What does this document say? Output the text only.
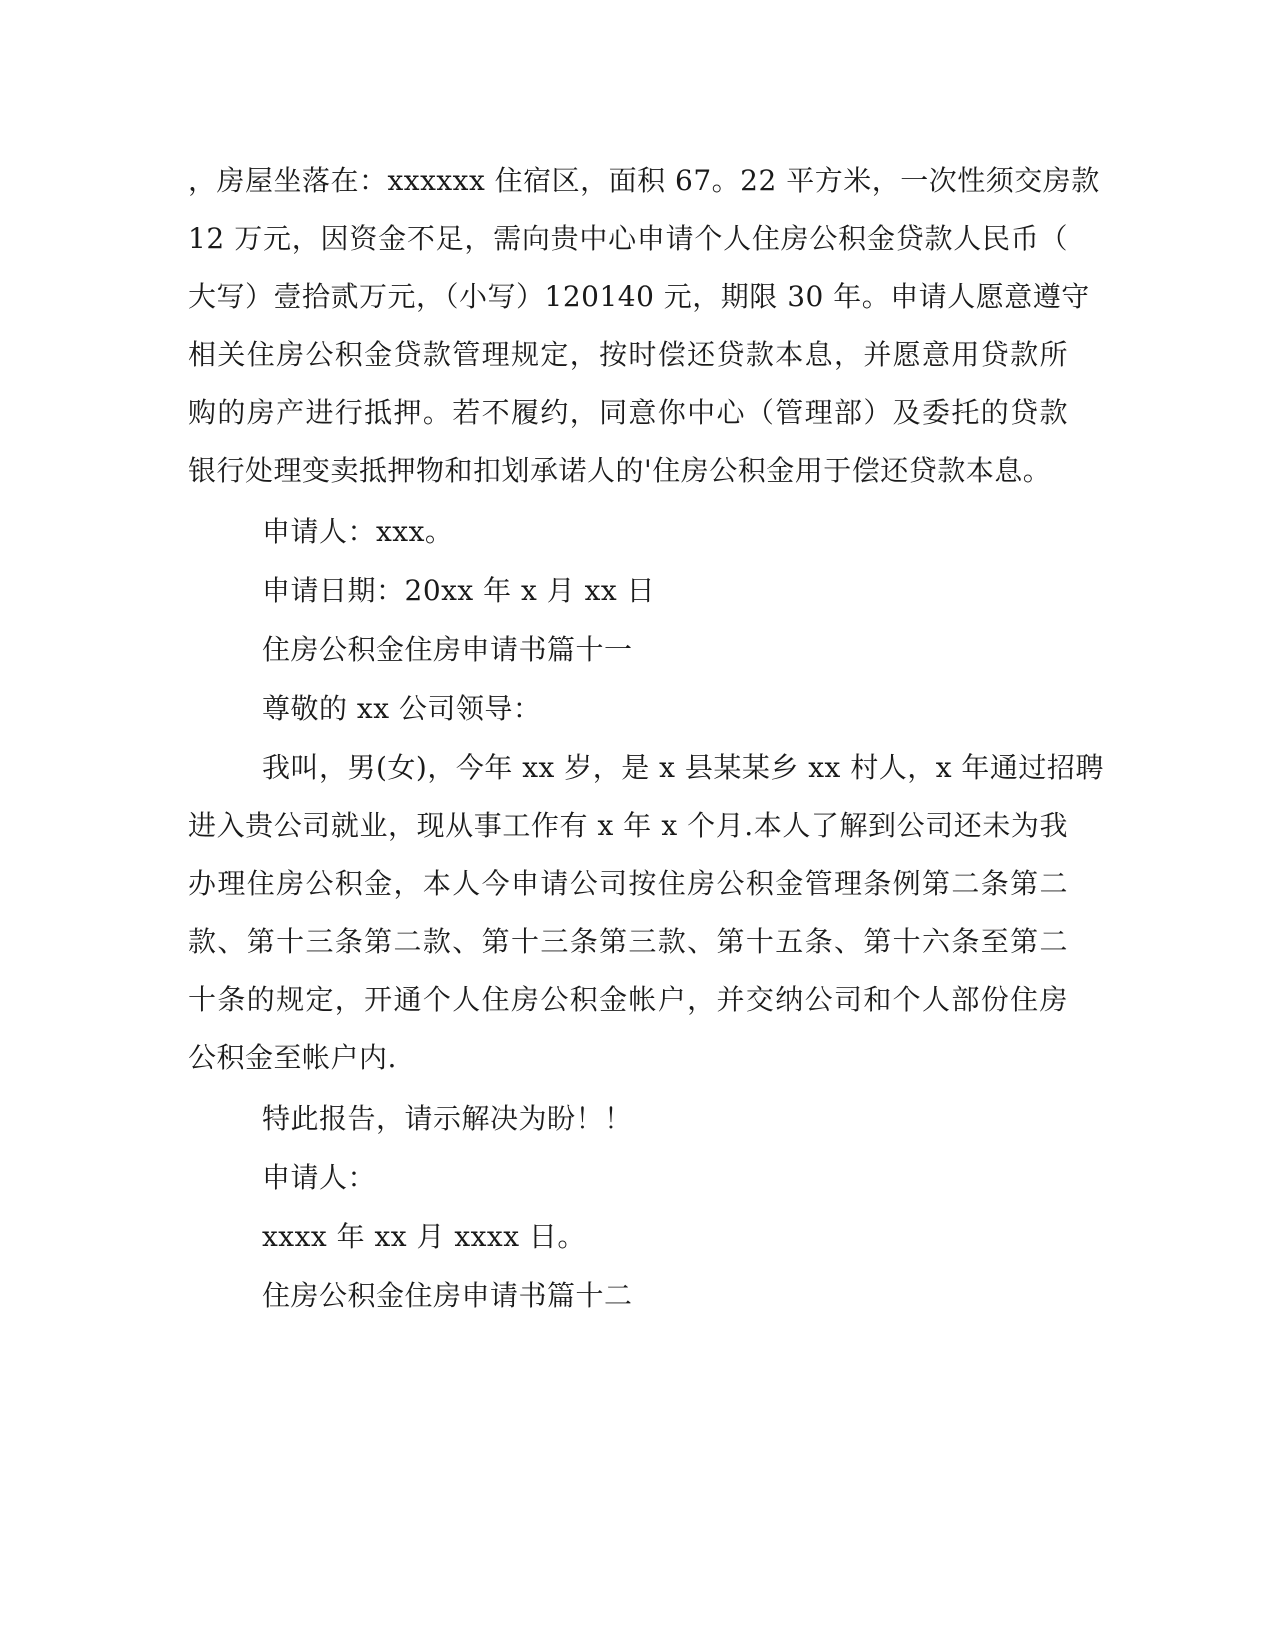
，房屋坐落在：xxxxxx 住宿区，面积 67。22 平方米，一次性须交房款

12 万元，因资金不足，需向贵中心申请个人住房公积金贷款人民币（

大写）壹拾贰万元，（小写）120140 元，期限 30 年。申请人愿意遵守

相关住房公积金贷款管理规定，按时偿还贷款本息，并愿意用贷款所

购的房产进行抵押。若不履约，同意你中心（管理部）及委托的贷款

银行处理变卖抵押物和扣划承诺人的'住房公积金用于偿还贷款本息。

申请人：xxx。

申请日期：20xx 年 x 月 xx 日

住房公积金住房申请书篇十一

尊敬的 xx 公司领导：

我叫，男(女)，今年 xx 岁，是 x 县某某乡 xx 村人，x 年通过招聘

进入贵公司就业，现从事工作有 x 年 x 个月.本人了解到公司还未为我

办理住房公积金，本人今申请公司按住房公积金管理条例第二条第二

款、第十三条第二款、第十三条第三款、第十五条、第十六条至第二

十条的规定，开通个人住房公积金帐户，并交纳公司和个人部份住房

公积金至帐户内.

特此报告，请示解决为盼！！

申请人：

xxxx 年 xx 月 xxxx 日。

住房公积金住房申请书篇十二
